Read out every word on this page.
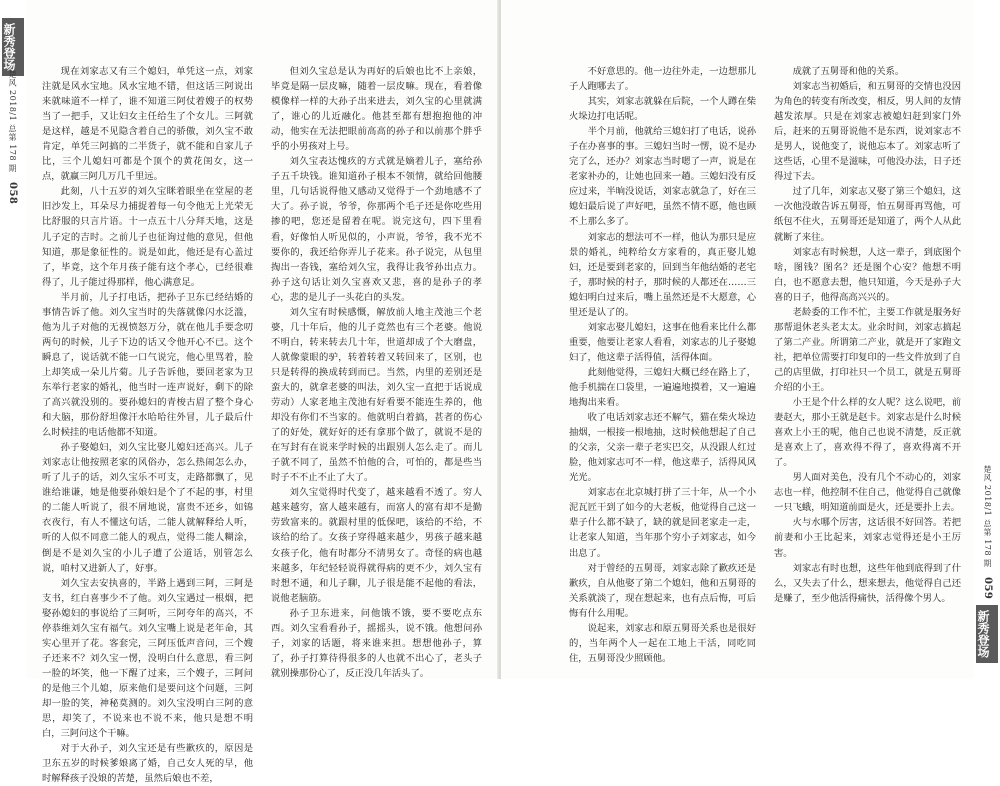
新秀登场
楚风 2018/1 总第 178 期 058

现在刘家志又有三个媳妇，单凭这一点，刘家注就是风水宝地。风水宝地不错，但这话三阿说出来就味道不一样了，谁不知道三阿仗着嫂子的权势当了一把手，又让妇女主任给生了个女儿。三阿就是这样，越是不见隐含着自己的骄傲，刘久宝不敢肯定，单凭三阿搞的二半货子，就不能和自家儿子比，三个儿媳妇可都是个顶个的黄花闺女，这一点，就赢三阿几万几千里远。

此刻，八十五岁的刘久宝眯着眼坐在堂屋的老旧沙发上，耳朵尽力捕捉着每一句令他无上光荣无比舒服的只言片语。十一点五十八分拜天地，这是儿子定的吉时。之前儿子也征询过他的意见，但他知道，那是象征性的。说是如此，他还是有心盖过了，毕竟，这个年月孩子能有这个孝心，已经很难得了，儿子能过得那样，他心满意足。

半月前，儿子打电话，把孙子卫东已经结婚的事情告诉了他。刘久宝当时的失落就像闪水泛滥，他为儿子对他的无视愤怒万分，就在他儿手要念叨两句的时候，儿子下边的话又令他开心不已。这个瞬息了，说话就不能一口气说完，他心里骂着，脸上却笑成一朵儿片菊。儿子告诉他，要回老家为卫东举行老家的婚礼，他当时一连声说好，剩下的除了高兴就没别的。要孙媳妇的青梭古眉了整个身心和大脑，那份舒坦像汗水哈哈往外冒，儿子最后什么时候挂的电话他都不知道。

孙子娶媳妇，刘久宝比娶儿媳妇还高兴。儿子刘家志让他按照老家的风俗办，怎么热闹怎么办，听了儿子的话，刘久宝乐不可支，走路都飘了，见谁给谁谦，她是他要孙娘妇是个了不起的事，村里的二能人听说了，很不屑地说，富贵不还乡，如锦衣夜行，有人不懂这句话，二能人就解释给人听，听的人似不同意二能人的观点，觉得二能人糊涂，倒是不是刘久宝的小儿子遭了公道话，别管怎么说，咱村又进新人了，好事。

刘久宝去安执喜的，半路上遇到三阿，三阿是支书，红白喜事少不了他。刘久宝遇过一根烟，把娶孙媳妇的事说给了三阿听，三阿夸年的高兴，不停恭维刘久宝有福气。刘久宝嘴上说是老年命，其实心里开了花。客套完，三阿压低声音问，三个嫂子还来不？刘久宝一愣，没明白什么意思，看三阿一脸的坏笑，他一下醒了过来，三个嫂子，三阿问的是他三个儿媳，原来他们是要问这个问题，三阿却一脸的笑，神秘莫测的。刘久宝没明白三阿的意思，却笑了，不说来也不说不来，他只是想不明白，三阿问这个干嘛。

对于大孙子，刘久宝还是有些歉疚的，原因是卫东五岁的时候爹娘离了婚，自己女人死的早，他时解释孩子没娘的苦楚，虽然后娘也不差，

但刘久宝总是认为再好的后娘也比不上亲娘，毕竟是隔一层皮嘛，随着一层皮嘛。现在，看着像模像样一样的大孙子出来进去，刘久宝的心里就满了，谁心的儿近融化。他甚至都有想抱抱他的冲动，他实在无法把眼前高高的孙子和以前那个胖乎乎的小男孩对上号。

刘久宝表达愧疚的方式就是嫡着儿子，塞给孙子五千块钱。谁知道孙子根本不领情，就给回他腰里，几句话说得他又感动又觉得于一个劲地感不了大了。孙子说，爷爷，你那两个毛子还是你吃些用掺的吧，您还是留着在呢。说完这句，四下里看看，好像怕人听见似的，小声说，爷爷，我不光不要你的，我还给你弄儿子花来。孙子说完，从包里掏出一沓钱，塞给刘久宝，我得让我爷孙出点力。孙子这句话让刘久宝喜欢又悲，喜的是孙子的孝心，悲的是儿子一头花白的头发。

刘久宝有时候感慨，解放前人地主茂池三个老婆，几十年后，他的儿子竟然也有三个老婆。他说不明白，转来转去几十年，世道却成了个大磨盘，人就像蒙眼的驴，转着转着又转回来了，区别，也只是转得的换成转到而已。当然，内里的差别还是蛮大的，就拿老婆的叫法，刘久宝一直把于话说成劳动）人家老地主茂池有好看要不能连生养的，他却没有你们不当家的。他就明白着搞，甚者的伤心了的好处，就好好的还有拿那个做了，就说不是的在写封有在说来学时候的出跟别人怎么走了。而儿子就不同了，虽然不怕他的合，可怕的，都是些当时子不不止不止了大了。

刘久宝觉得时代变了，越来越看不透了。穷人越来越穷，富人越来越有，而富人的富有却不是勤劳致富来的。就跟村里的低保吧，该给的不给，不该给的给了。女孩子穿得越来越少，男孩子越来越女孩子化，他有时都分不清男女了。奇怪的病也越来越多，年纪轻轻说得就得病的更不少，刘久宝有时想不通，和儿子聊，儿子很是能不起他的看法，说他老脑筋。

孙子卫东进来，问他饿不饿，要不要吃点东西。刘久宝看看孙子，摇摇头，说不饿。他想问孙子，刘家的话题，将来谁来担。想想他孙子，算了，孙子打算待得很多的人也就不出心了，老头子就别操那份心了，反正没几年活头了。

不好意思的。他一边往外走，一边想那儿子人跑哪去了。

其实，刘家志就躲在后院，一个人蹲在柴火垛边打电话呢。

半个月前，他就给三媳妇打了电话，说孙子在办喜事的事。三媳妇当时一愣，说不是办完了么，还办？刘家志当时嗯了一声，说是在老家补办的，让她也回来一趟。三媳妇没有反应过来，半晌没说话，刘家志就急了，好在三媳妇最后说了声好吧，虽然不情不愿，他也顾不上那么多了。

刘家志的想法可不一样，他认为那只是应景的婚礼，纯粹给女方家看的，真正娶儿媳妇，还是要到老家的，回到当年他结婚的老宅子，那时候的村子，那时候的人都还在……三媳妇明白过来后，嘴上虽然还是不大愿意，心里还是认了的。

刘家志娶儿媳妇，这事在他看来比什么都重要，他要让老家人看看，刘家志的儿子娶媳妇了，他这辈子活得值，活得体面。

此刻他觉得，三媳妇大概已经在路上了，他手机揣在口袋里，一遍遍地摸着，又一遍遍地掏出来看。

收了电话刘家志还不解气，猫在柴火垛边抽烟，一根接一根地抽，这时候他想起了自己的父亲，父亲一辈子老实巴交，从没跟人红过脸，他刘家志可不一样，他这辈子，活得风风光光。

刘家志在北京城打拼了三十年，从一个小泥瓦匠干到了如今的大老板，他觉得自己这一辈子什么都不缺了，缺的就是回老家走一走，让老家人知道，当年那个穷小子刘家志，如今出息了。

对于曾经的五舅哥，刘家志除了歉疚还是歉疚，自从他娶了第二个媳妇，他和五舅哥的关系就淡了，现在想起来，也有点后悔，可后悔有什么用呢。

说起来，刘家志和原五舅哥关系也是很好的，当年两个人一起在工地上干活，同吃同住，五舅哥没少照顾他。

成就了五舅哥和他的关系。

刘家志当初婚后，和五舅哥的交情也没因为角色的转变有所改变，相反，男人间的友情越发浓厚。只是在刘家志被媳妇赶到家门外后，赶来的五舅哥说他不是东西，说刘家志不是男人，说他变了，说他忘本了。刘家志听了这些话，心里不是滋味，可他没办法，日子还得过下去。

过了几年，刘家志又娶了第三个媳妇，这一次他没敢告诉五舅哥，怕五舅哥再骂他，可纸包不住火，五舅哥还是知道了，两个人从此就断了来往。

刘家志有时候想，人这一辈子，到底图个啥，图钱？图名？还是图个心安？他想不明白，也不愿意去想，他只知道，今天是孙子大喜的日子，他得高高兴兴的。

老龄委的工作不忙，主要工作就是服务好那帮退休老头老太太。业余时间，刘家志搞起了第二产业。所谓第二产业，就是开了家跑文社，把单位需要打印复印的一些文件放到了自己的店里做，打印社只一个员工，就是五舅哥介绍的小王。

小王是个什么样的女人呢？这么说吧，前妻赵大，那小王就是赵卡。刘家志是什么时候喜欢上小王的呢，他自己也说不清楚，反正就是喜欢上了，喜欢得不得了，喜欢得离不开了。

男人面对美色，没有几个不动心的，刘家志也一样，他控制不住自己，他觉得自己就像一只飞蛾，明知道前面是火，还是要扑上去。

火与水哪个厉害，这话很不好回答。若把前妻和小王比起来，刘家志觉得还是小王厉害。

刘家志有时也想，这些年他到底得到了什么，又失去了什么，想来想去，他觉得自己还是赚了，至少他活得痛快，活得像个男人。

楚风 2018/1 总第 178 期 059
新秀登场
